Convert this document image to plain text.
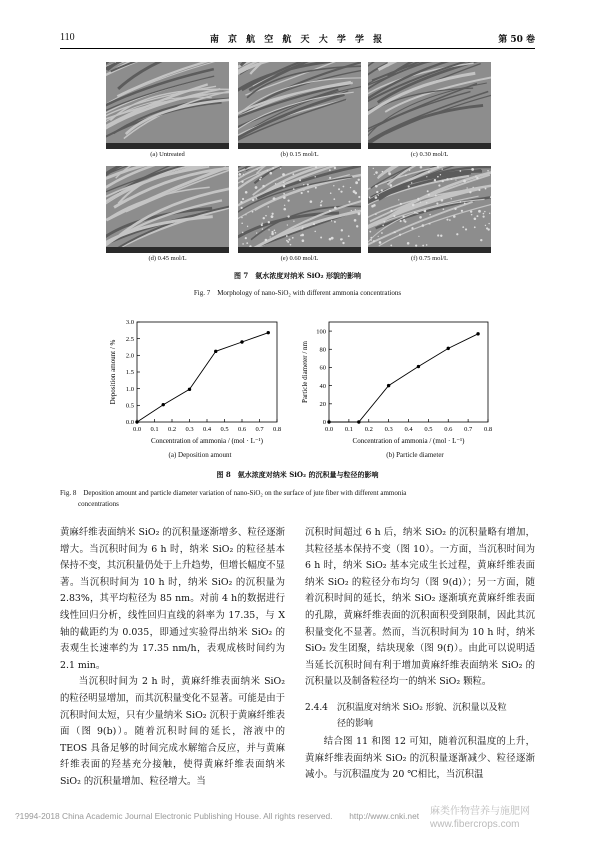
110	南 京 航 空 航 天 大 学 学 报	第 50 卷
(a) Untreated	(b) 0.15 mol/L	(c) 0.30 mol/L
(d) 0.45 mol/L	(e) 0.60 mol/L	(f) 0.75 mol/L
图 7　氨水浓度对纳米 SiO₂ 形貌的影响
Fig. 7　Morphology of nano-SiO₂ with different ammonia concentrations
0.0 0.1 0.2 0.3 0.4 0.5 0.6 0.7 0.8
0.0
0.5
1.0
1.5
2.0
2.5
3.0
Concentration of ammonia / (mol · L⁻¹)
Deposition amount / %
0.0 0.1 0.2 0.3 0.4 0.5 0.6 0.7 0.8
0
20
40
60
80
100
Concentration of ammonia / (mol · L⁻¹)
Particle diameter / nm
(a) Deposition amount	(b) Particle diameter
图 8　氨水浓度对纳米 SiO₂ 的沉积量与粒径的影响
Fig. 8　Deposition amount and particle diameter variation of nano-SiO₂ on the surface of jute fiber with different ammonia
concentrations

黄麻纤维表面纳米 SiO₂ 的沉积量逐渐增多、粒径逐渐增大。当沉积时间为 6 h 时，纳米 SiO₂ 的粒径基本保持不变，其沉积量仍处于上升趋势，但增长幅度不显著。当沉积时间为 10 h 时，纳米 SiO₂ 的沉积量为 2.83%，其平均粒径为 85 nm。对前 4 h的数据进行线性回归分析，线性回归直线的斜率为 17.35，与 X 轴的截距约为 0.035，即通过实验得出纳米 SiO₂ 的表观生长速率约为 17.35 nm/h，表观成核时间约为 2.1 min。

当沉积时间为 2 h 时，黄麻纤维表面纳米 SiO₂ 的粒径明显增加，而其沉积量变化不显著。可能是由于沉积时间太短，只有少量纳米 SiO₂ 沉积于黄麻纤维表面（图 9(b)）。随着沉积时间的延长，溶液中的 TEOS 具备足够的时间完成水解缩合反应，并与黄麻纤维表面的羟基充分接触，使得黄麻纤维表面纳米 SiO₂ 的沉积量增加、粒径增大。当

沉积时间超过 6 h 后，纳米 SiO₂ 的沉积量略有增加，其粒径基本保持不变（图 10）。一方面，当沉积时间为 6 h 时，纳米 SiO₂ 基本完成生长过程，黄麻纤维表面纳米 SiO₂ 的粒径分布均匀（图 9(d)）；另一方面，随着沉积时间的延长，纳米 SiO₂ 逐渐填充黄麻纤维表面的孔隙，黄麻纤维表面的沉积面积受到限制，因此其沉积量变化不显著。然而，当沉积时间为 10 h 时，纳米 SiO₂ 发生团聚，结块现象（图 9(f)）。由此可以说明适当延长沉积时间有利于增加黄麻纤维表面纳米 SiO₂ 的沉积量以及制备粒径均一的纳米 SiO₂ 颗粒。

2.4.4　 沉积温度对纳米 SiO₂ 形貌、沉积量以及粒
径的影响
结合图 11 和图 12 可知，随着沉积温度的上升，黄麻纤维表面纳米 SiO₂ 的沉积量逐渐减少、粒径逐渐减小。与沉积温度为 20 ℃相比，当沉积温
?1994-2018 China Academic Journal Electronic Publishing House. All rights reserved.　　http://www.cnki.net 麻类作物营养与施肥网
www.fibercrops.com
